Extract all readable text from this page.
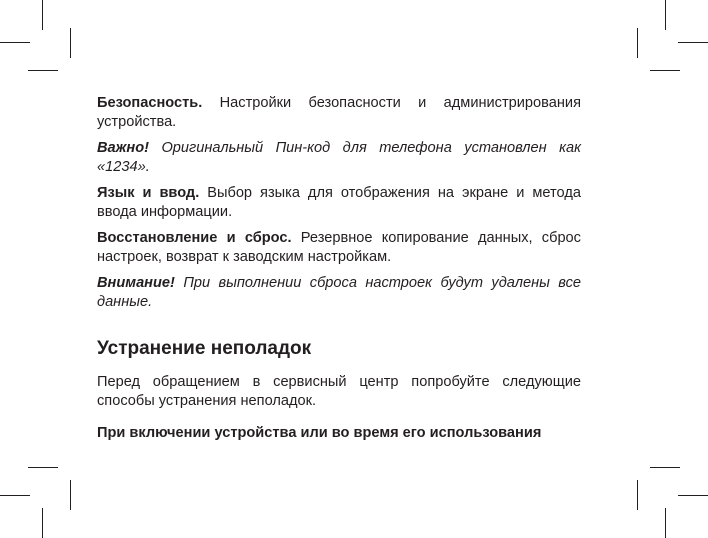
Безопасность. Настройки безопасности и администрирования устройства.

Важно! Оригинальный Пин-код для телефона установлен как «1234».

Язык и ввод. Выбор языка для отображения на экране и метода ввода информации.

Восстановление и сброс. Резервное копирование данных, сброс настроек, возврат к заводским настройкам.

Внимание! При выполнении сброса настроек будут удалены все данные.

Устранение неполадок

Перед обращением в сервисный центр попробуйте следующие способы устранения неполадок.

При включении устройства или во время его использования
